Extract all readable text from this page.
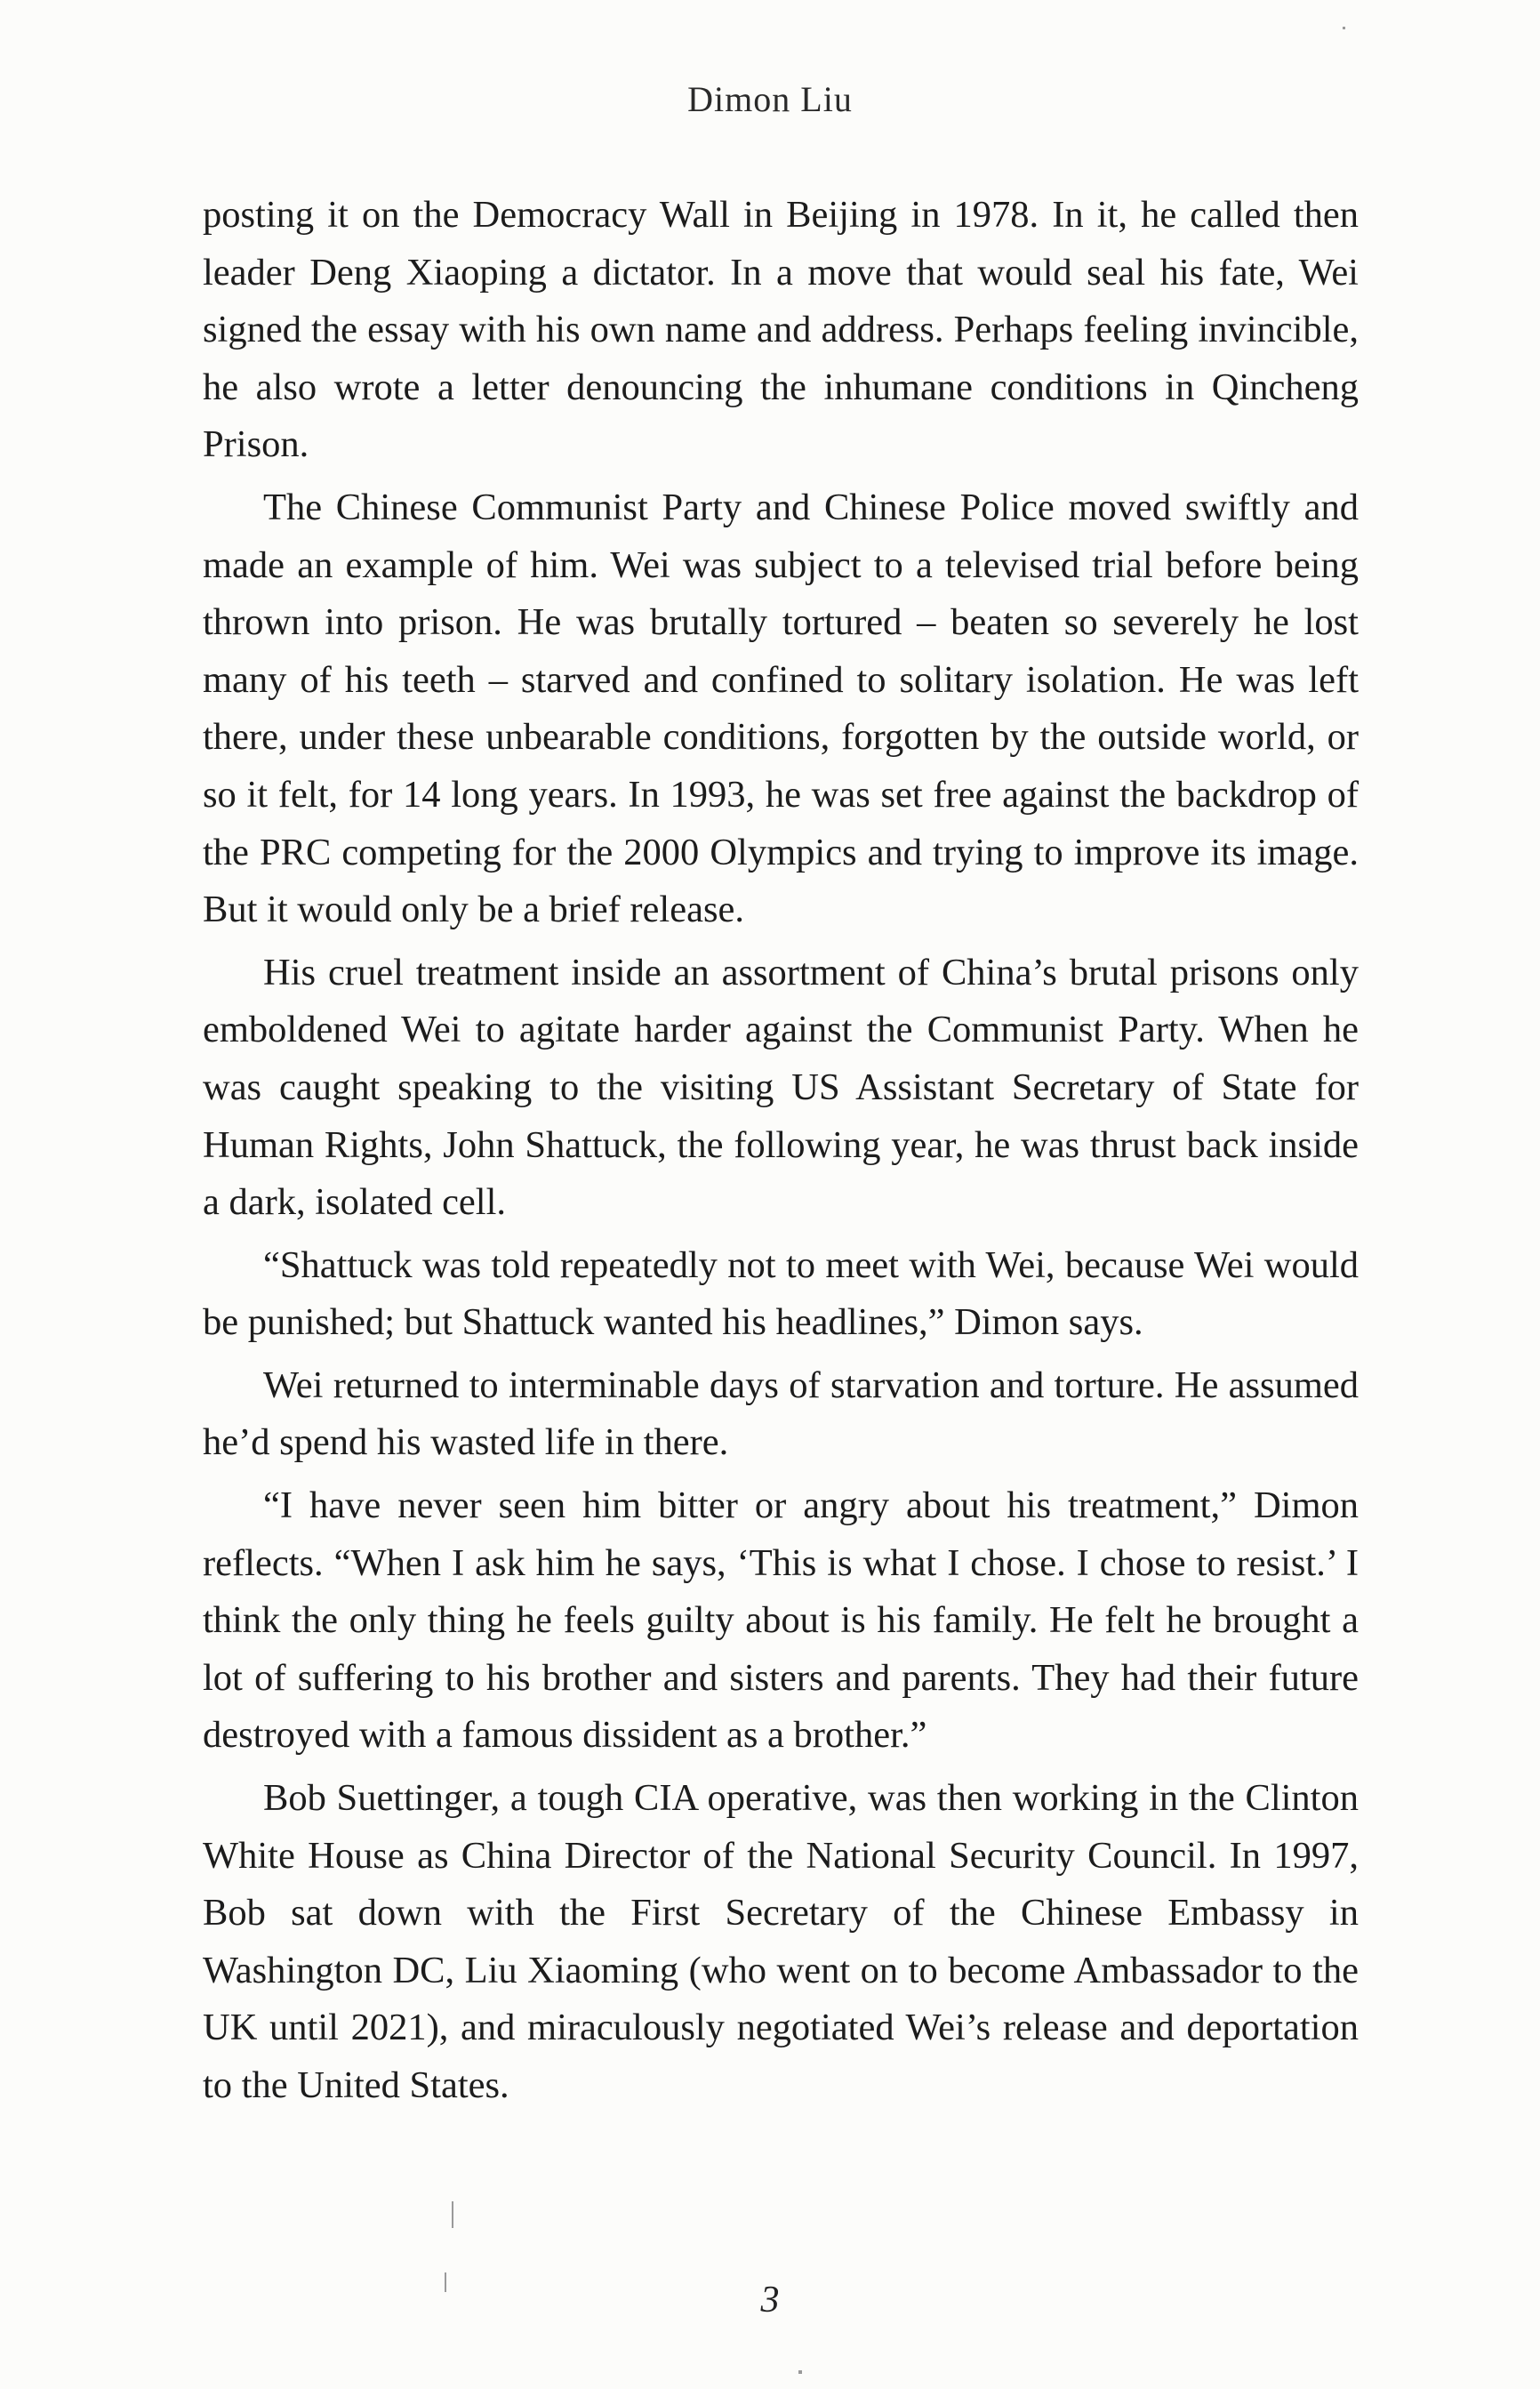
Dimon Liu

posting it on the Democracy Wall in Beijing in 1978. In it, he called then leader Deng Xiaoping a dictator. In a move that would seal his fate, Wei signed the essay with his own name and address. Perhaps feeling invincible, he also wrote a letter denouncing the inhumane conditions in Qincheng Prison.

The Chinese Communist Party and Chinese Police moved swiftly and made an example of him. Wei was subject to a televised trial before being thrown into prison. He was brutally tortured – beaten so severely he lost many of his teeth – starved and confined to solitary isolation. He was left there, under these unbearable conditions, forgotten by the outside world, or so it felt, for 14 long years. In 1993, he was set free against the backdrop of the PRC competing for the 2000 Olympics and trying to improve its image. But it would only be a brief release.

His cruel treatment inside an assortment of China’s brutal prisons only emboldened Wei to agitate harder against the Communist Party. When he was caught speaking to the visiting US Assistant Secretary of State for Human Rights, John Shattuck, the following year, he was thrust back inside a dark, isolated cell.

“Shattuck was told repeatedly not to meet with Wei, because Wei would be punished; but Shattuck wanted his headlines,” Dimon says.

Wei returned to interminable days of starvation and torture. He assumed he’d spend his wasted life in there.

“I have never seen him bitter or angry about his treatment,” Dimon reflects. “When I ask him he says, ‘This is what I chose. I chose to resist.’ I think the only thing he feels guilty about is his family. He felt he brought a lot of suffering to his brother and sisters and parents. They had their future destroyed with a famous dissident as a brother.”

Bob Suettinger, a tough CIA operative, was then working in the Clinton White House as China Director of the National Security Council. In 1997, Bob sat down with the First Secretary of the Chinese Embassy in Washington DC, Liu Xiaoming (who went on to become Ambassador to the UK until 2021), and miraculously negotiated Wei’s release and deportation to the United States.

3
